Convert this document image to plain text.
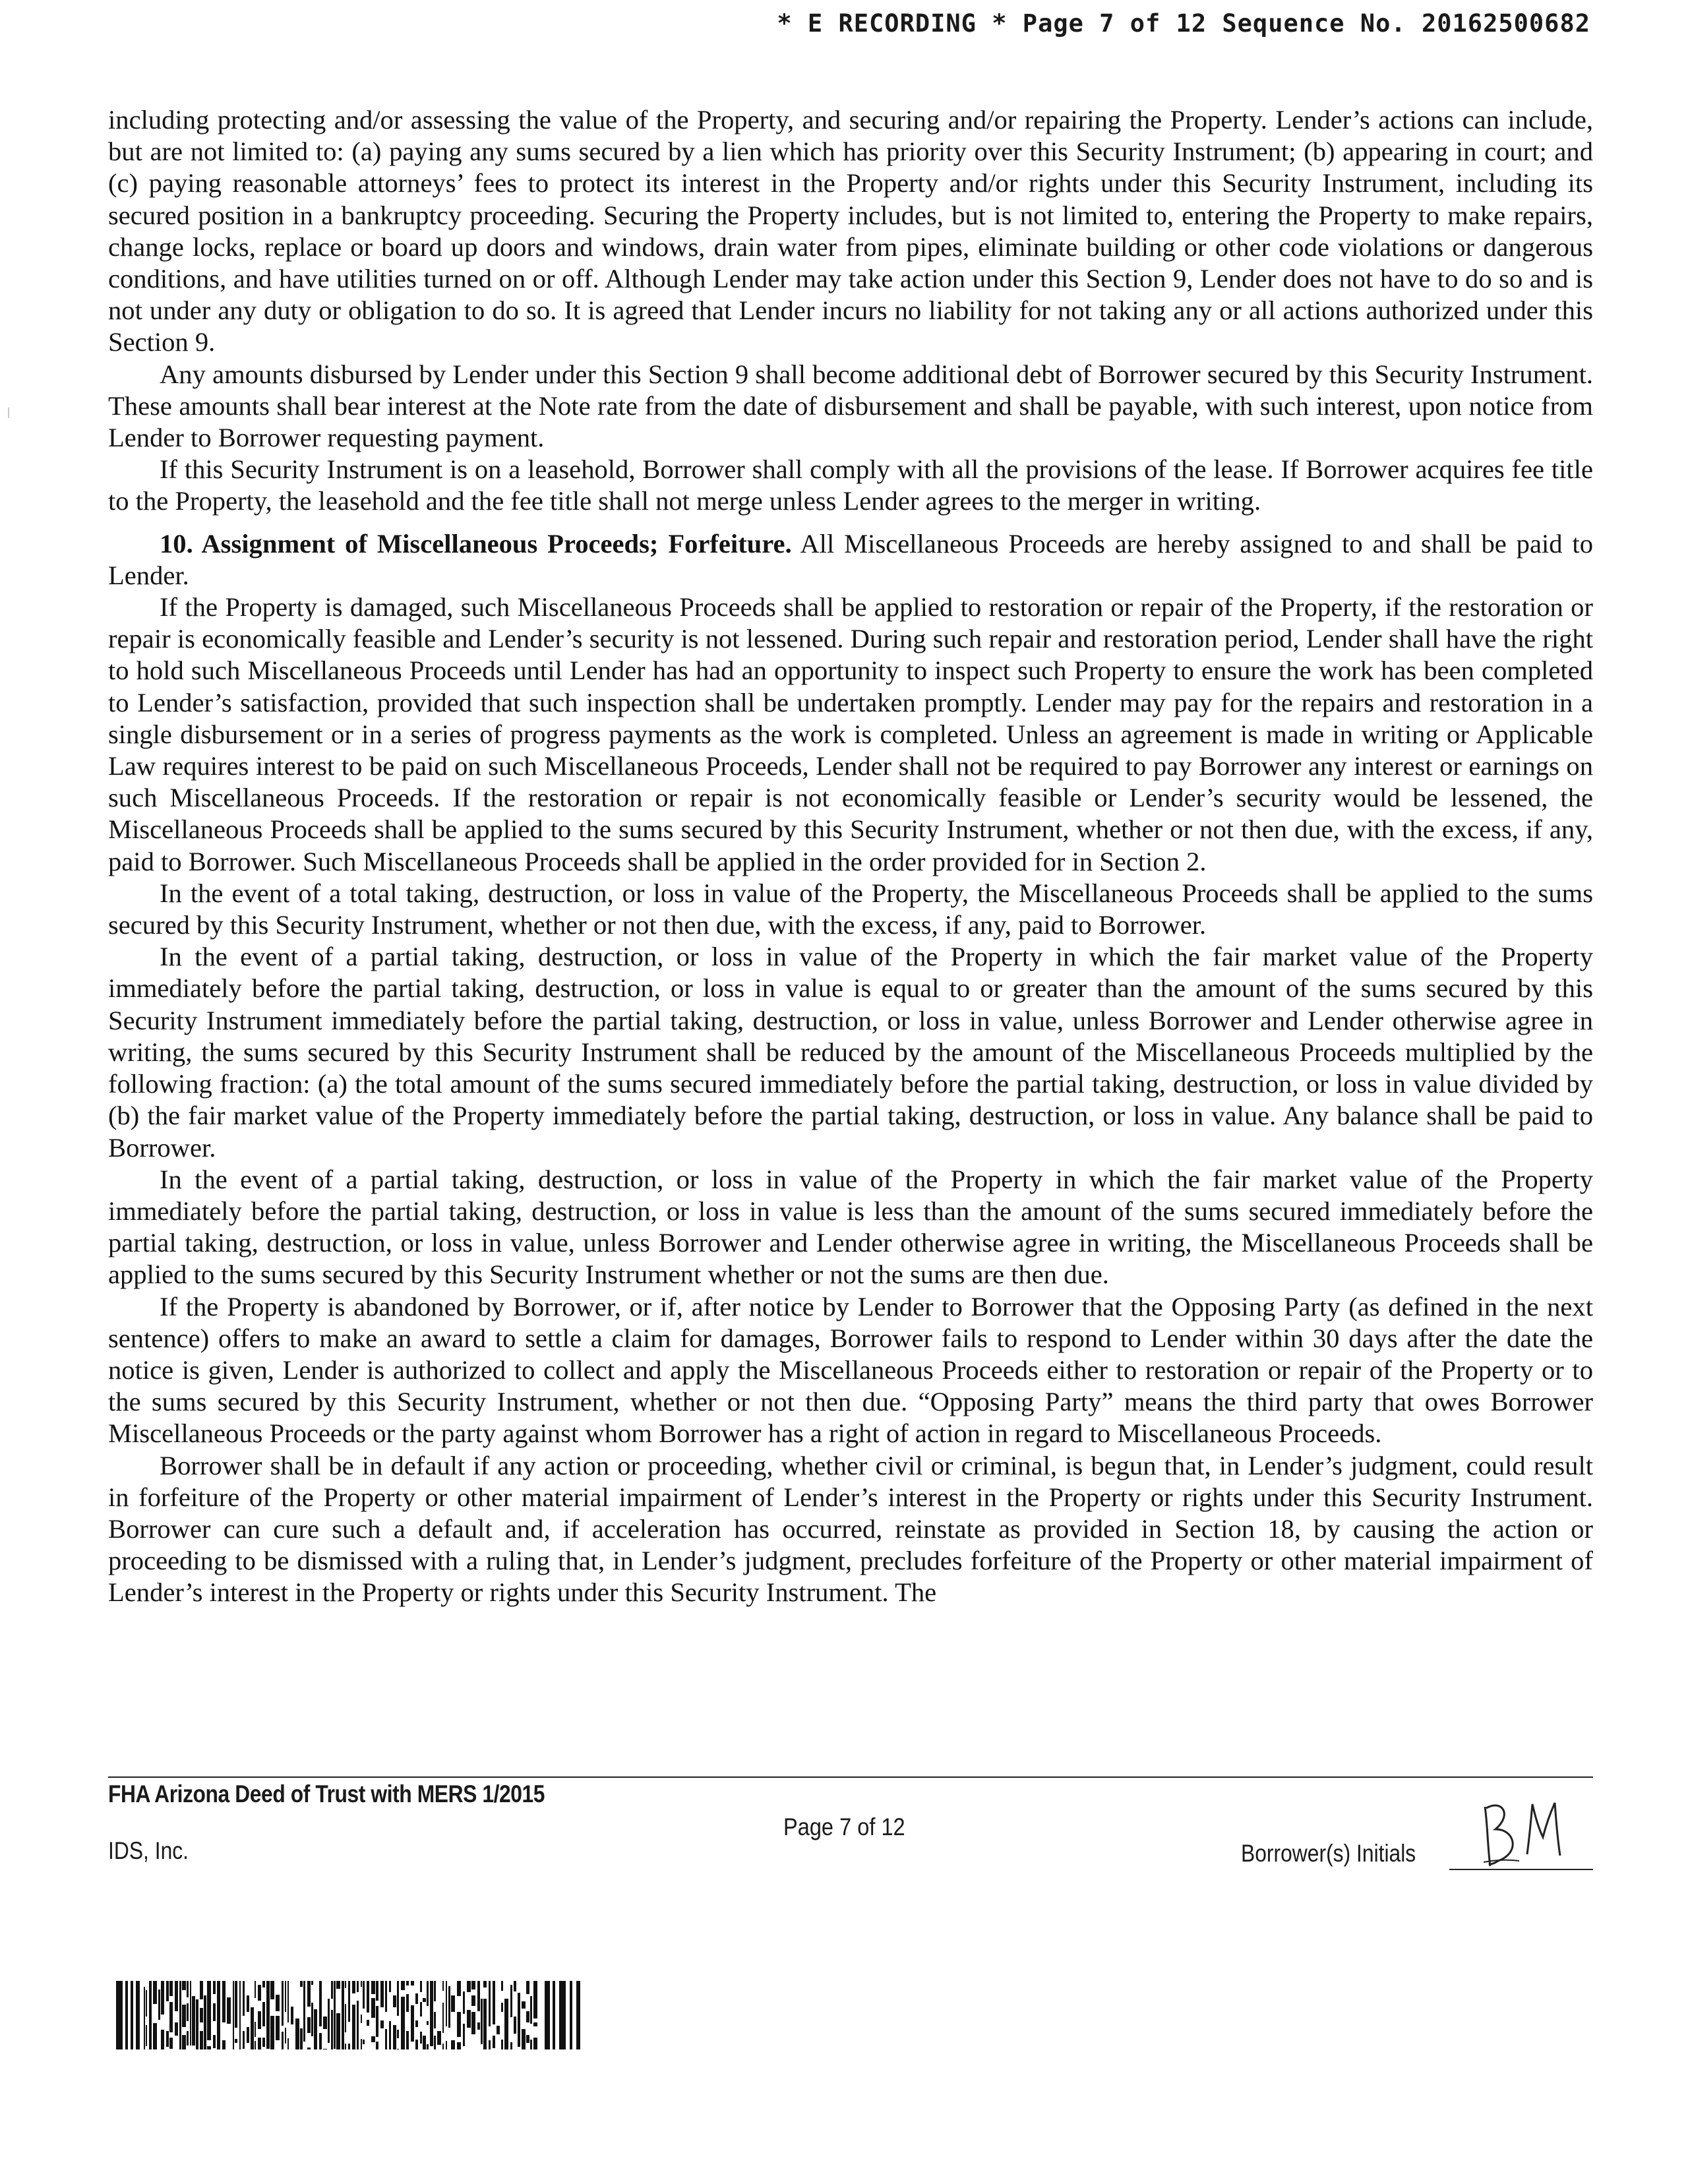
* E RECORDING * Page 7 of 12 Sequence No. 20162500682

including protecting and/or assessing the value of the Property, and securing and/or repairing the Property. Lender’s actions can include, but are not limited to: (a) paying any sums secured by a lien which has priority over this Security Instrument; (b) appearing in court; and (c) paying reasonable attorneys’ fees to protect its interest in the Property and/or rights under this Security Instrument, including its secured position in a bankruptcy proceeding. Securing the Property includes, but is not limited to, entering the Property to make repairs, change locks, replace or board up doors and windows, drain water from pipes, eliminate building or other code violations or dangerous conditions, and have utilities turned on or off. Although Lender may take action under this Section 9, Lender does not have to do so and is not under any duty or obligation to do so. It is agreed that Lender incurs no liability for not taking any or all actions authorized under this Section 9.

Any amounts disbursed by Lender under this Section 9 shall become additional debt of Borrower secured by this Security Instrument. These amounts shall bear interest at the Note rate from the date of disbursement and shall be payable, with such interest, upon notice from Lender to Borrower requesting payment.

If this Security Instrument is on a leasehold, Borrower shall comply with all the provisions of the lease. If Borrower acquires fee title to the Property, the leasehold and the fee title shall not merge unless Lender agrees to the merger in writing.

10. Assignment of Miscellaneous Proceeds; Forfeiture. All Miscellaneous Proceeds are hereby assigned to and shall be paid to Lender.

If the Property is damaged, such Miscellaneous Proceeds shall be applied to restoration or repair of the Property, if the restoration or repair is economically feasible and Lender’s security is not lessened. During such repair and restoration period, Lender shall have the right to hold such Miscellaneous Proceeds until Lender has had an opportunity to inspect such Property to ensure the work has been completed to Lender’s satisfaction, provided that such inspection shall be undertaken promptly. Lender may pay for the repairs and restoration in a single disbursement or in a series of progress payments as the work is completed. Unless an agreement is made in writing or Applicable Law requires interest to be paid on such Miscellaneous Proceeds, Lender shall not be required to pay Borrower any interest or earnings on such Miscellaneous Proceeds. If the restoration or repair is not economically feasible or Lender’s security would be lessened, the Miscellaneous Proceeds shall be applied to the sums secured by this Security Instrument, whether or not then due, with the excess, if any, paid to Borrower. Such Miscellaneous Proceeds shall be applied in the order provided for in Section 2.

In the event of a total taking, destruction, or loss in value of the Property, the Miscellaneous Proceeds shall be applied to the sums secured by this Security Instrument, whether or not then due, with the excess, if any, paid to Borrower.

In the event of a partial taking, destruction, or loss in value of the Property in which the fair market value of the Property immediately before the partial taking, destruction, or loss in value is equal to or greater than the amount of the sums secured by this Security Instrument immediately before the partial taking, destruction, or loss in value, unless Borrower and Lender otherwise agree in writing, the sums secured by this Security Instrument shall be reduced by the amount of the Miscellaneous Proceeds multiplied by the following fraction: (a) the total amount of the sums secured immediately before the partial taking, destruction, or loss in value divided by (b) the fair market value of the Property immediately before the partial taking, destruction, or loss in value. Any balance shall be paid to Borrower.

In the event of a partial taking, destruction, or loss in value of the Property in which the fair market value of the Property immediately before the partial taking, destruction, or loss in value is less than the amount of the sums secured immediately before the partial taking, destruction, or loss in value, unless Borrower and Lender otherwise agree in writing, the Miscellaneous Proceeds shall be applied to the sums secured by this Security Instrument whether or not the sums are then due.

If the Property is abandoned by Borrower, or if, after notice by Lender to Borrower that the Opposing Party (as defined in the next sentence) offers to make an award to settle a claim for damages, Borrower fails to respond to Lender within 30 days after the date the notice is given, Lender is authorized to collect and apply the Miscellaneous Proceeds either to restoration or repair of the Property or to the sums secured by this Security Instrument, whether or not then due. “Opposing Party” means the third party that owes Borrower Miscellaneous Proceeds or the party against whom Borrower has a right of action in regard to Miscellaneous Proceeds.

Borrower shall be in default if any action or proceeding, whether civil or criminal, is begun that, in Lender’s judgment, could result in forfeiture of the Property or other material impairment of Lender’s interest in the Property or rights under this Security Instrument. Borrower can cure such a default and, if acceleration has occurred, reinstate as provided in Section 18, by causing the action or proceeding to be dismissed with a ruling that, in Lender’s judgment, precludes forfeiture of the Property or other material impairment of Lender’s interest in the Property or rights under this Security Instrument. The

FHA Arizona Deed of Trust with MERS 1/2015
IDS, Inc.
Page 7 of 12
Borrower(s) Initials
